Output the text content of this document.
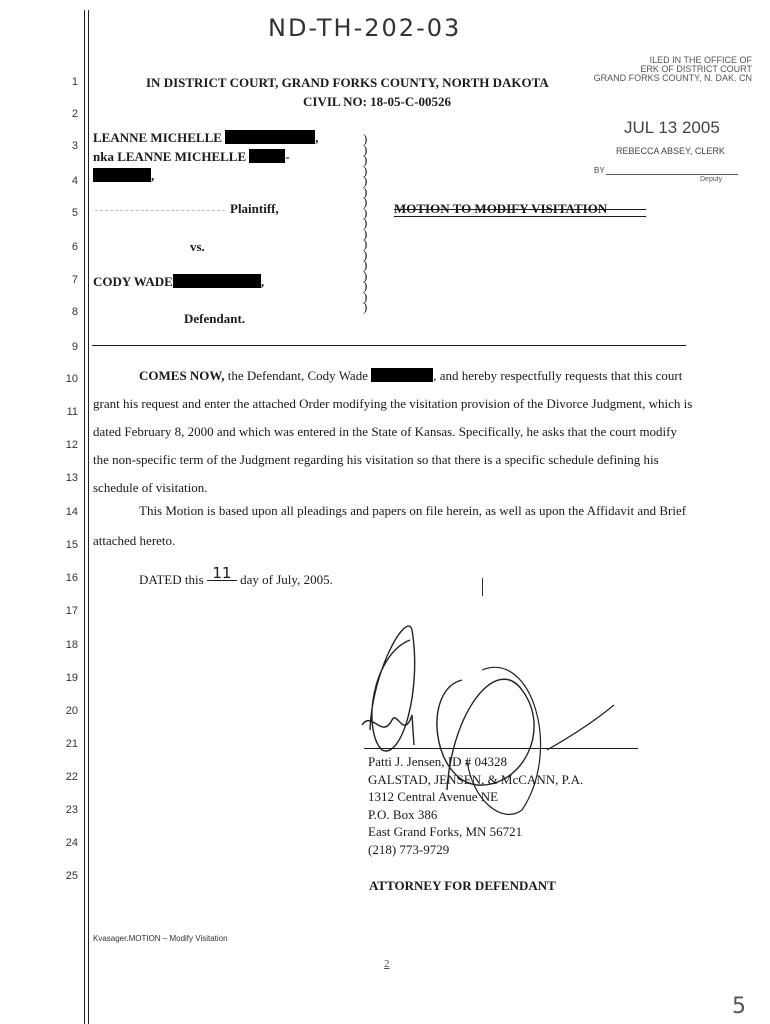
ND-TH-202-03
ILED IN THE OFFICE OF
ERK OF DISTRICT COURT
GRAND FORKS COUNTY, N. DAK. CN
JUL 13 2005
REBECCA ABSEY, CLERK
BY
Deputy
IN DISTRICT COURT, GRAND FORKS COUNTY, NORTH DAKOTA
CIVIL NO: 18-05-C-00526
1
2
3
4
5
6
7
8
9
10
11
12
13
14
15
16
17
18
19
20
21
22
23
24
25
LEANNE MICHELLE	,
nka LEANNE MICHELLE	-
,
Plaintiff,
vs.
CODY WADE	,
Defendant.
)
)
)
)
)
)
)
)
)
)
)
)
)
)
)
)
)
MOTION TO MODIFY VISITATION
COMES NOW, the Defendant, Cody Wade	, and hereby respectfully requests that this court grant his request and enter the attached Order modifying the visitation provision of the Divorce Judgment, which is dated February 8, 2000 and which was entered in the State of Kansas. Specifically, he asks that the court modify the non-specific term of the Judgment regarding his visitation so that there is a specific schedule defining his schedule of visitation.
This Motion is based upon all pleadings and papers on file herein, as well as upon the Affidavit and Brief attached hereto.
DATED this 11 day of July, 2005.
Patti J. Jensen, ID # 04328
GALSTAD, JENSEN, & McCANN, P.A.
1312 Central Avenue NE
P.O. Box 386
East Grand Forks, MN 56721
(218) 773-9729
ATTORNEY FOR DEFENDANT
Kvasager.MOTION – Modify Visitation
2
5
